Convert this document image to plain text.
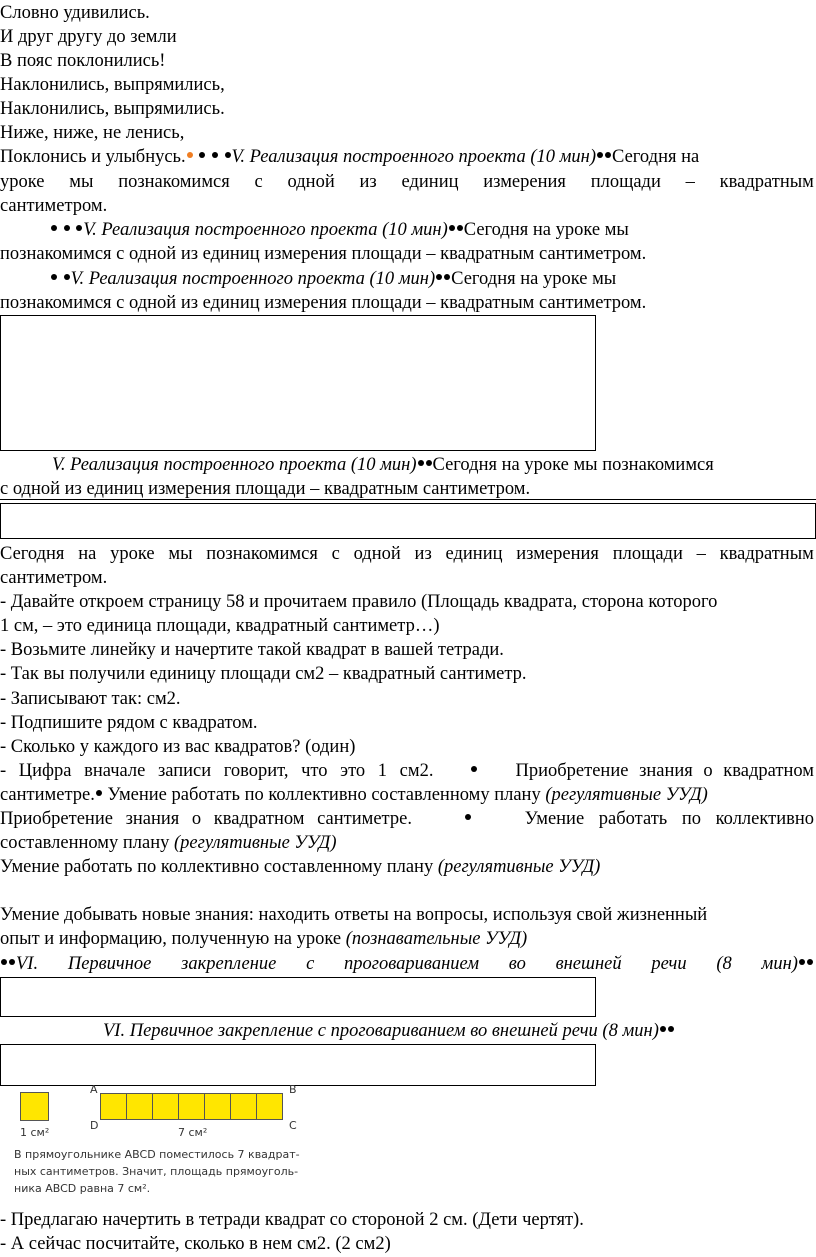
Словно удивились.
И друг другу до земли
В пояс поклонились!
Наклонились, выпрямились,
Наклонились, выпрямились.
Ниже, ниже, не ленись,
Поклонись и улыбнусь. V. Реализация построенного проекта (10 мин) Сегодня на
уроке мы познакомимся с одной из единиц измерения площади – квадратным
сантиметром.
V. Реализация построенного проекта (10 мин) Сегодня на уроке мы
познакомимся с одной из единиц измерения площади – квадратным сантиметром.
V. Реализация построенного проекта (10 мин) Сегодня на уроке мы
познакомимся с одной из единиц измерения площади – квадратным сантиметром.
V. Реализация построенного проекта (10 мин) Сегодня на уроке мы познакомимся
с одной из единиц измерения площади – квадратным сантиметром.
Сегодня на уроке мы познакомимся с одной из единиц измерения площади – квадратным
сантиметром.
- Давайте откроем страницу 58 и прочитаем правило (Площадь квадрата, сторона которого
1 см, – это единица площади, квадратный сантиметр…)
- Возьмите линейку и начертите такой квадрат в вашей тетради.
- Так вы получили единицу площади см2 – квадратный сантиметр.
- Записывают так: см2.
- Подпишите рядом с квадратом.
- Сколько у каждого из вас квадратов? (один)
- Цифра вначале записи говорит, что это 1 см2.	Приобретение знания о квадратном
сантиметре. Умение работать по коллективно составленному плану (регулятивные УУД)
Приобретение знания о квадратном сантиметре.	Умение работать по коллективно
составленному плану (регулятивные УУД)
Умение работать по коллективно составленному плану (регулятивные УУД)
Умение добывать новые знания: находить ответы на вопросы, используя свой жизненный
опыт и информацию, полученную на уроке (познавательные УУД)
VI. Первичное закрепление с проговариванием во внешней речи (8 мин)
VI. Первичное закрепление с проговариванием во внешней речи (8 мин)
1 см²
A	B
D	C
7 см²
В прямоугольнике ABCD поместилось 7 квадрат-
ных сантиметров. Значит, площадь прямоуголь-
ника ABCD равна 7 см².
- Предлагаю начертить в тетради квадрат со стороной 2 см. (Дети чертят).
- А сейчас посчитайте, сколько в нем см2. (2 см2)
